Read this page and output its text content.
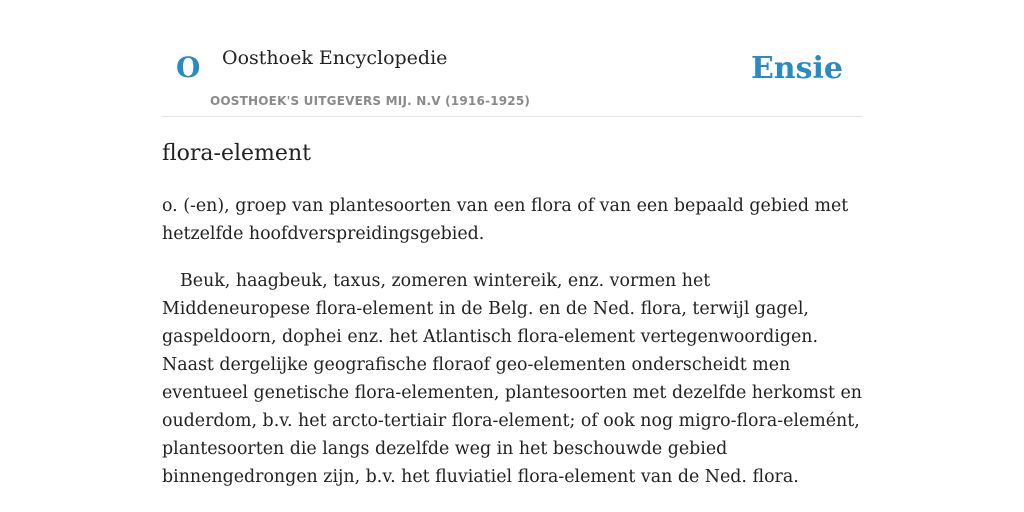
O Oosthoek Encyclopedie
OOSTHOEK'S UITGEVERS MIJ. N.V (1916-1925)
Ensie
flora-element

o. (-en), groep van plantesoorten van een flora of van een bepaald gebied met hetzelfde hoofdverspreidingsgebied.

Beuk, haagbeuk, taxus, zomeren wintereik, enz. vormen het Middeneuropese flora-element in de Belg. en de Ned. flora, terwijl gagel, gaspeldoorn, dophei enz. het Atlantisch flora-element vertegenwoordigen. Naast dergelijke geografische floraof geo-elementen onderscheidt men eventueel genetische flora-elementen, plantesoorten met dezelfde herkomst en ouderdom, b.v. het arcto-tertiair flora-element; of ook nog migro-flora-elemént, plantesoorten die langs dezelfde weg in het beschouwde gebied binnengedrongen zijn, b.v. het fluviatiel flora-element van de Ned. flora.
